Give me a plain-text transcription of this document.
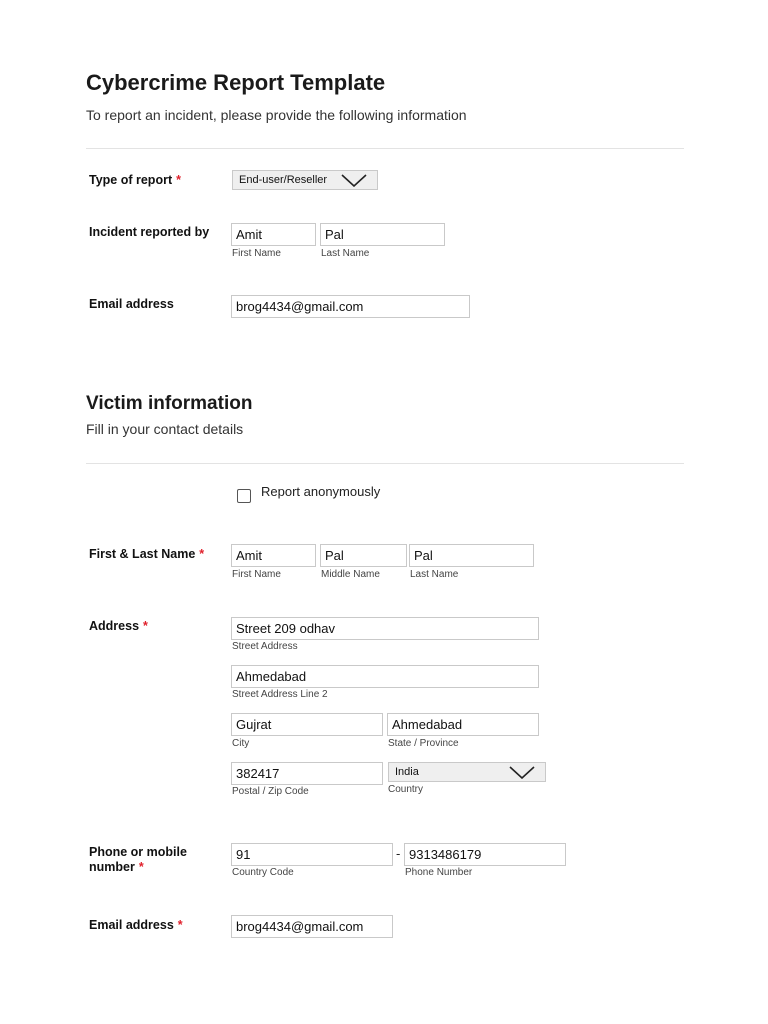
Cybercrime Report Template
To report an incident, please provide the following information
Type of report *	End-user/Reseller
Incident reported by	Amit	Pal
First Name	Last Name
Email address	brog4434@gmail.com
Victim information
Fill in your contact details
Report anonymously
First & Last Name *	Amit	Pal	Pal
First Name	Middle Name	Last Name
Address *	Street 209 odhav
Street Address
Ahmedabad
Street Address Line 2
Gujrat	Ahmedabad
City	State / Province
382417	India
Postal / Zip Code	Country
Phone or mobile
number *
91	- 9313486179
Country Code	Phone Number
Email address *	brog4434@gmail.com
